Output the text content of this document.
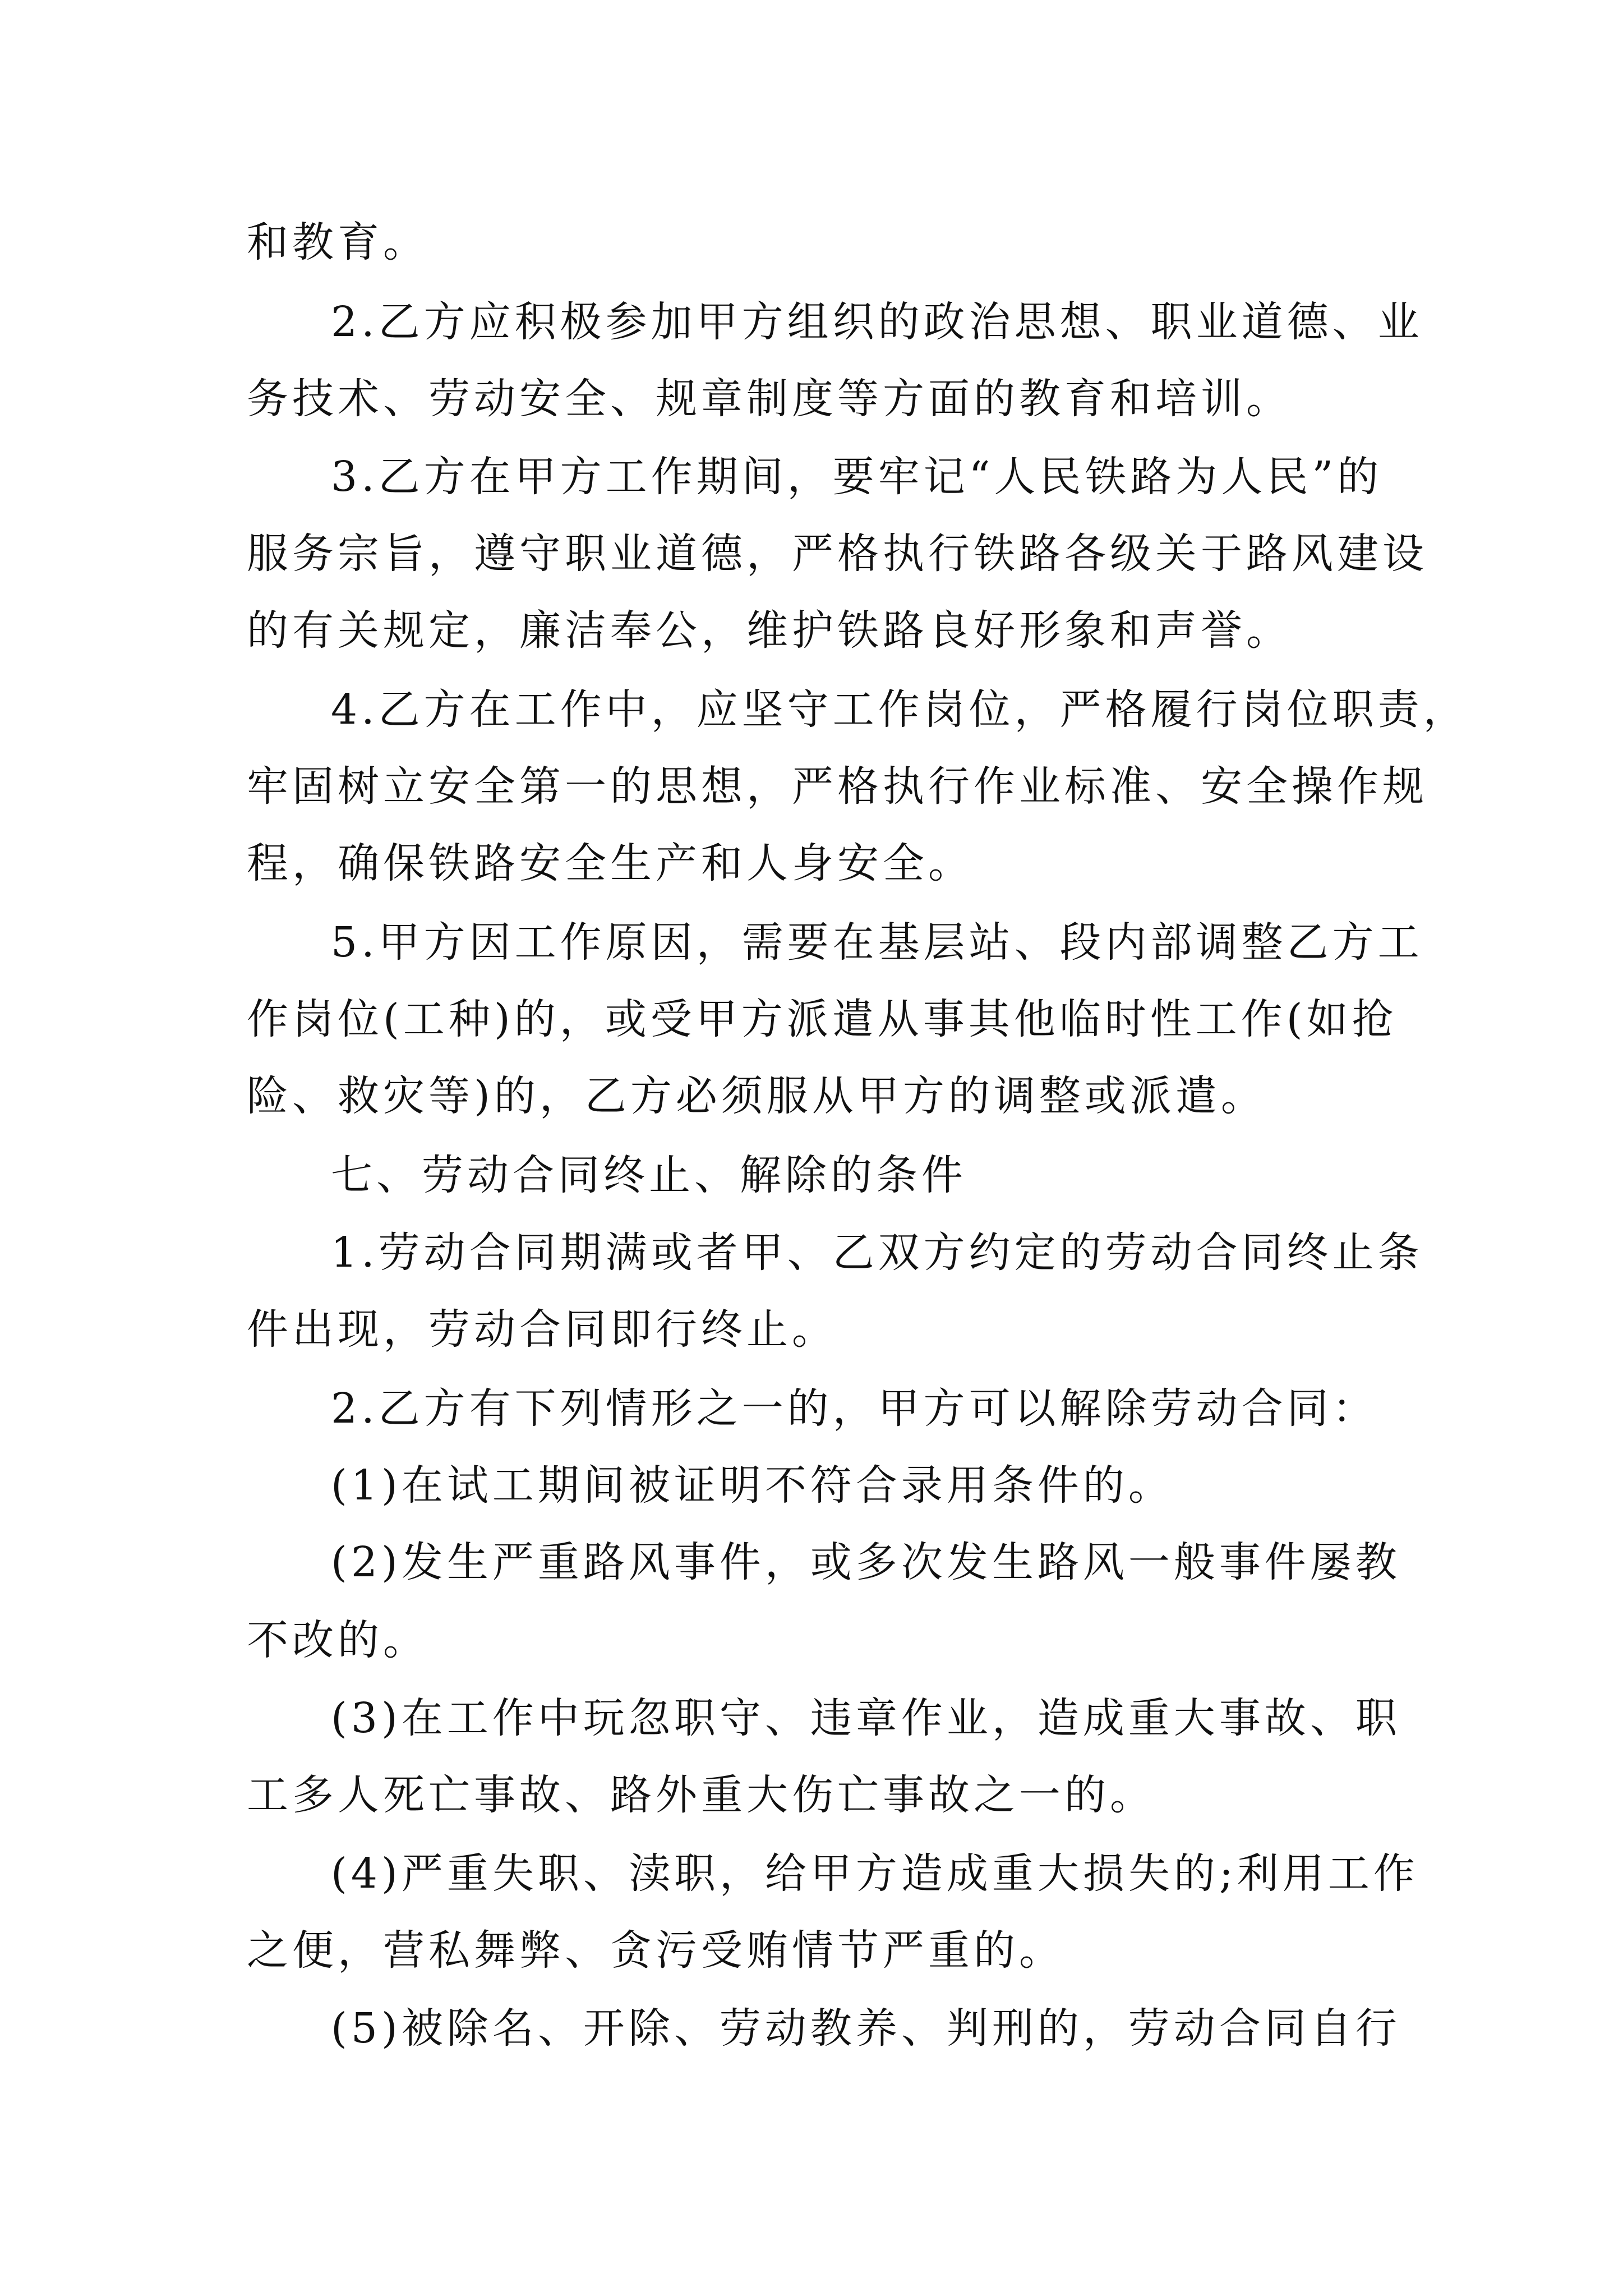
和教育。
2.乙方应积极参加甲方组织的政治思想、职业道德、业
务技术、劳动安全、规章制度等方面的教育和培训。
3.乙方在甲方工作期间，要牢记“人民铁路为人民”的
服务宗旨，遵守职业道德，严格执行铁路各级关于路风建设
的有关规定，廉洁奉公，维护铁路良好形象和声誉。
4.乙方在工作中，应坚守工作岗位，严格履行岗位职责，
牢固树立安全第一的思想，严格执行作业标准、安全操作规
程，确保铁路安全生产和人身安全。
5.甲方因工作原因，需要在基层站、段内部调整乙方工
作岗位(工种)的，或受甲方派遣从事其他临时性工作(如抢
险、救灾等)的，乙方必须服从甲方的调整或派遣。
七、劳动合同终止、解除的条件
1.劳动合同期满或者甲、乙双方约定的劳动合同终止条
件出现，劳动合同即行终止。
2.乙方有下列情形之一的，甲方可以解除劳动合同：
(1)在试工期间被证明不符合录用条件的。
(2)发生严重路风事件，或多次发生路风一般事件屡教
不改的。
(3)在工作中玩忽职守、违章作业，造成重大事故、职
工多人死亡事故、路外重大伤亡事故之一的。
(4)严重失职、渎职，给甲方造成重大损失的;利用工作
之便，营私舞弊、贪污受贿情节严重的。
(5)被除名、开除、劳动教养、判刑的，劳动合同自行
